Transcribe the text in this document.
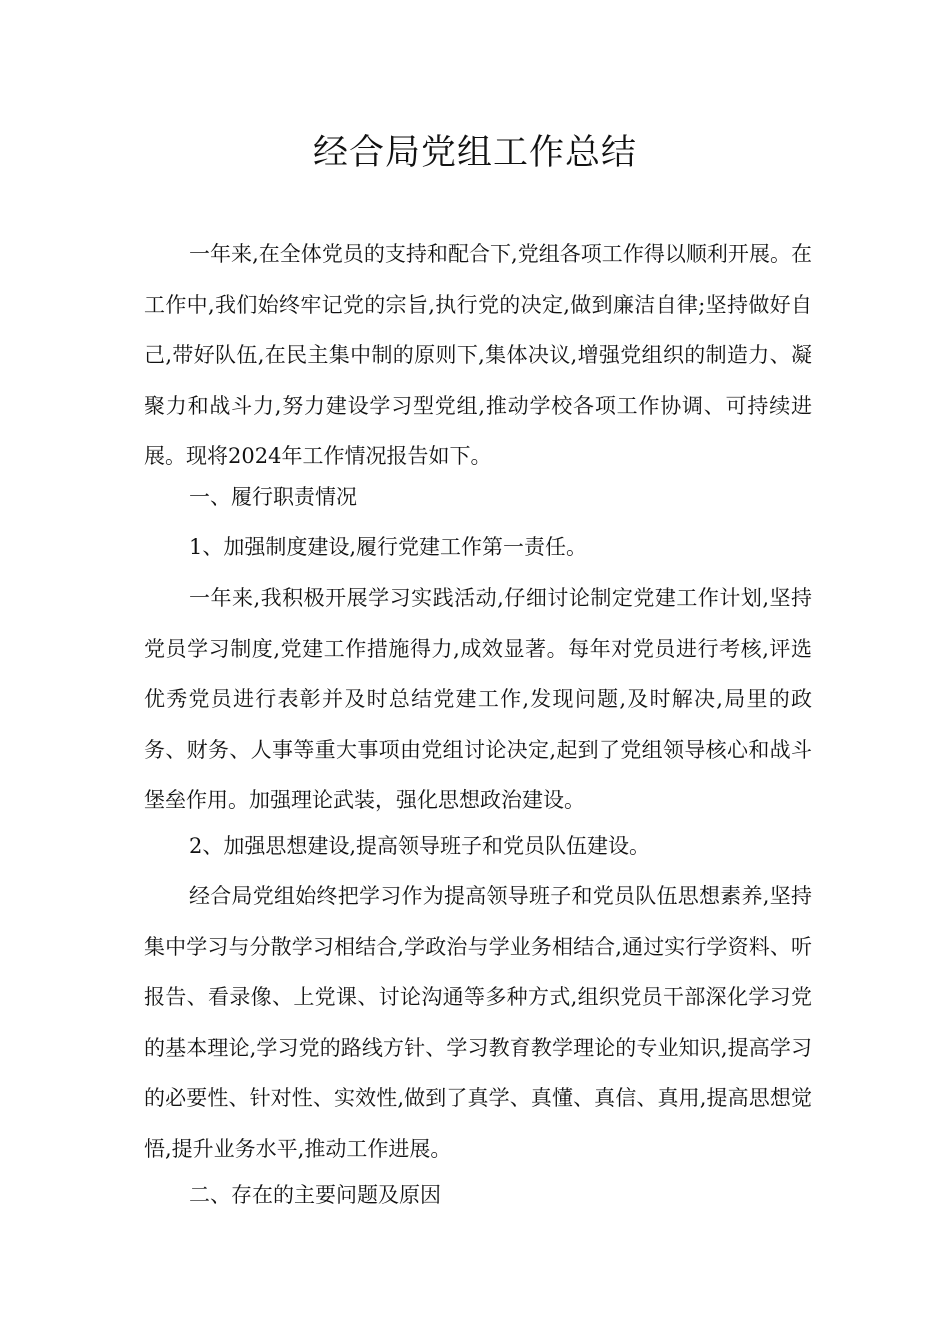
经合局党组工作总结

一年来,在全体党员的支持和配合下,党组各项工作得以顺利开展。在工作中,我们始终牢记党的宗旨,执行党的决定,做到廉洁自律;坚持做好自己,带好队伍,在民主集中制的原则下,集体决议,增强党组织的制造力、凝聚力和战斗力,努力建设学习型党组,推动学校各项工作协调、可持续进展。现将2024年工作情况报告如下。

一、履行职责情况

1、加强制度建设,履行党建工作第一责任。

一年来,我积极开展学习实践活动,仔细讨论制定党建工作计划,坚持党员学习制度,党建工作措施得力,成效显著。每年对党员进行考核,评选优秀党员进行表彰并及时总结党建工作,发现问题,及时解决,局里的政务、财务、人事等重大事项由党组讨论决定,起到了党组领导核心和战斗堡垒作用。加强理论武装，强化思想政治建设。

2、加强思想建设,提高领导班子和党员队伍建设。

经合局党组始终把学习作为提高领导班子和党员队伍思想素养,坚持集中学习与分散学习相结合,学政治与学业务相结合,通过实行学资料、听报告、看录像、上党课、讨论沟通等多种方式,组织党员干部深化学习党的基本理论,学习党的路线方针、学习教育教学理论的专业知识,提高学习的必要性、针对性、实效性,做到了真学、真懂、真信、真用,提高思想觉悟,提升业务水平,推动工作进展。

二、存在的主要问题及原因
